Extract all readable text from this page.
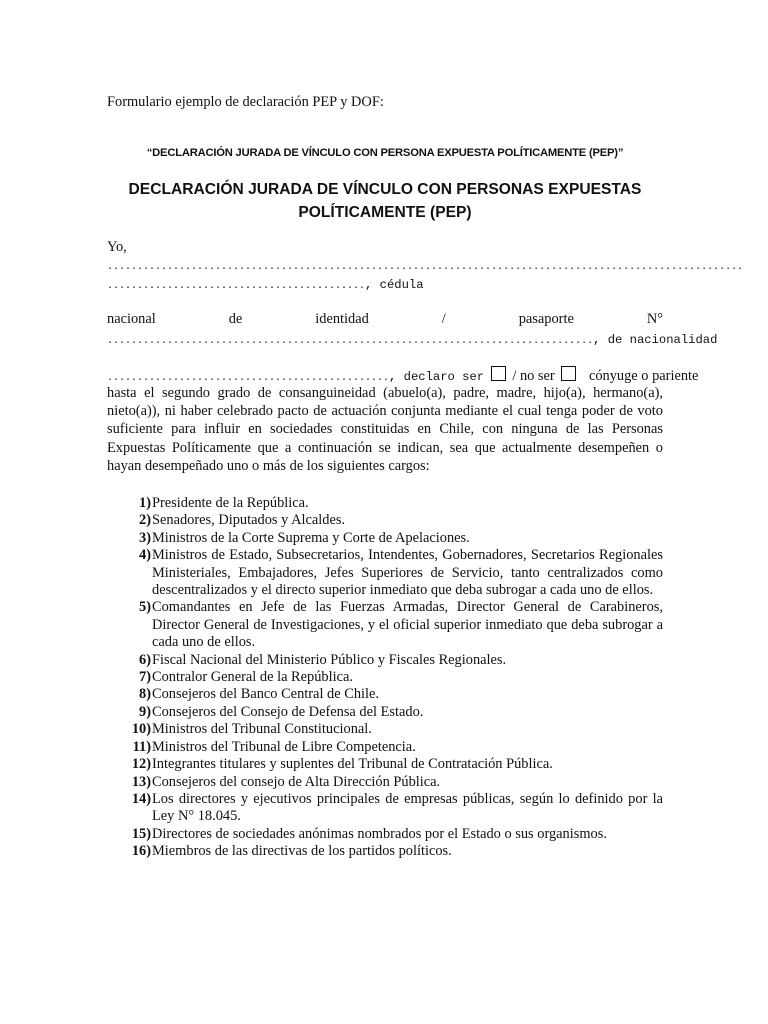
Formulario ejemplo de declaración PEP y DOF:
“DECLARACIÓN JURADA DE VÍNCULO CON PERSONA EXPUESTA POLÍTICAMENTE (PEP)”
DECLARACIÓN JURADA DE VÍNCULO CON PERSONAS EXPUESTAS POLÍTICAMENTE (PEP)
Yo,
..........................................................................................................
..........................................., cédula
nacional	de	identidad	/	pasaporte	N°
................................................................................., de nacionalidad
..............................................., declaro ser / no ser cónyuge o pariente
hasta el segundo grado de consanguineidad (abuelo(a), padre, madre, hijo(a), hermano(a), nieto(a)), ni haber celebrado pacto de actuación conjunta mediante el cual tenga poder de voto suficiente para influir en sociedades constituidas en Chile, con ninguna de las Personas Expuestas Políticamente que a continuación se indican, sea que actualmente desempeñen o hayan desempeñado uno o más de los siguientes cargos:
1) Presidente de la República.
2) Senadores, Diputados y Alcaldes.
3) Ministros de la Corte Suprema y Corte de Apelaciones.
4) Ministros de Estado, Subsecretarios, Intendentes, Gobernadores, Secretarios Regionales Ministeriales, Embajadores, Jefes Superiores de Servicio, tanto centralizados como descentralizados y el directo superior inmediato que deba subrogar a cada uno de ellos.
5) Comandantes en Jefe de las Fuerzas Armadas, Director General de Carabineros, Director General de Investigaciones, y el oficial superior inmediato que deba subrogar a cada uno de ellos.
6) Fiscal Nacional del Ministerio Público y Fiscales Regionales.
7) Contralor General de la República.
8) Consejeros del Banco Central de Chile.
9) Consejeros del Consejo de Defensa del Estado.
10) Ministros del Tribunal Constitucional.
11) Ministros del Tribunal de Libre Competencia.
12) Integrantes titulares y suplentes del Tribunal de Contratación Pública.
13) Consejeros del consejo de Alta Dirección Pública.
14) Los directores y ejecutivos principales de empresas públicas, según lo definido por la Ley N° 18.045.
15) Directores de sociedades anónimas nombrados por el Estado o sus organismos.
16) Miembros de las directivas de los partidos políticos.
